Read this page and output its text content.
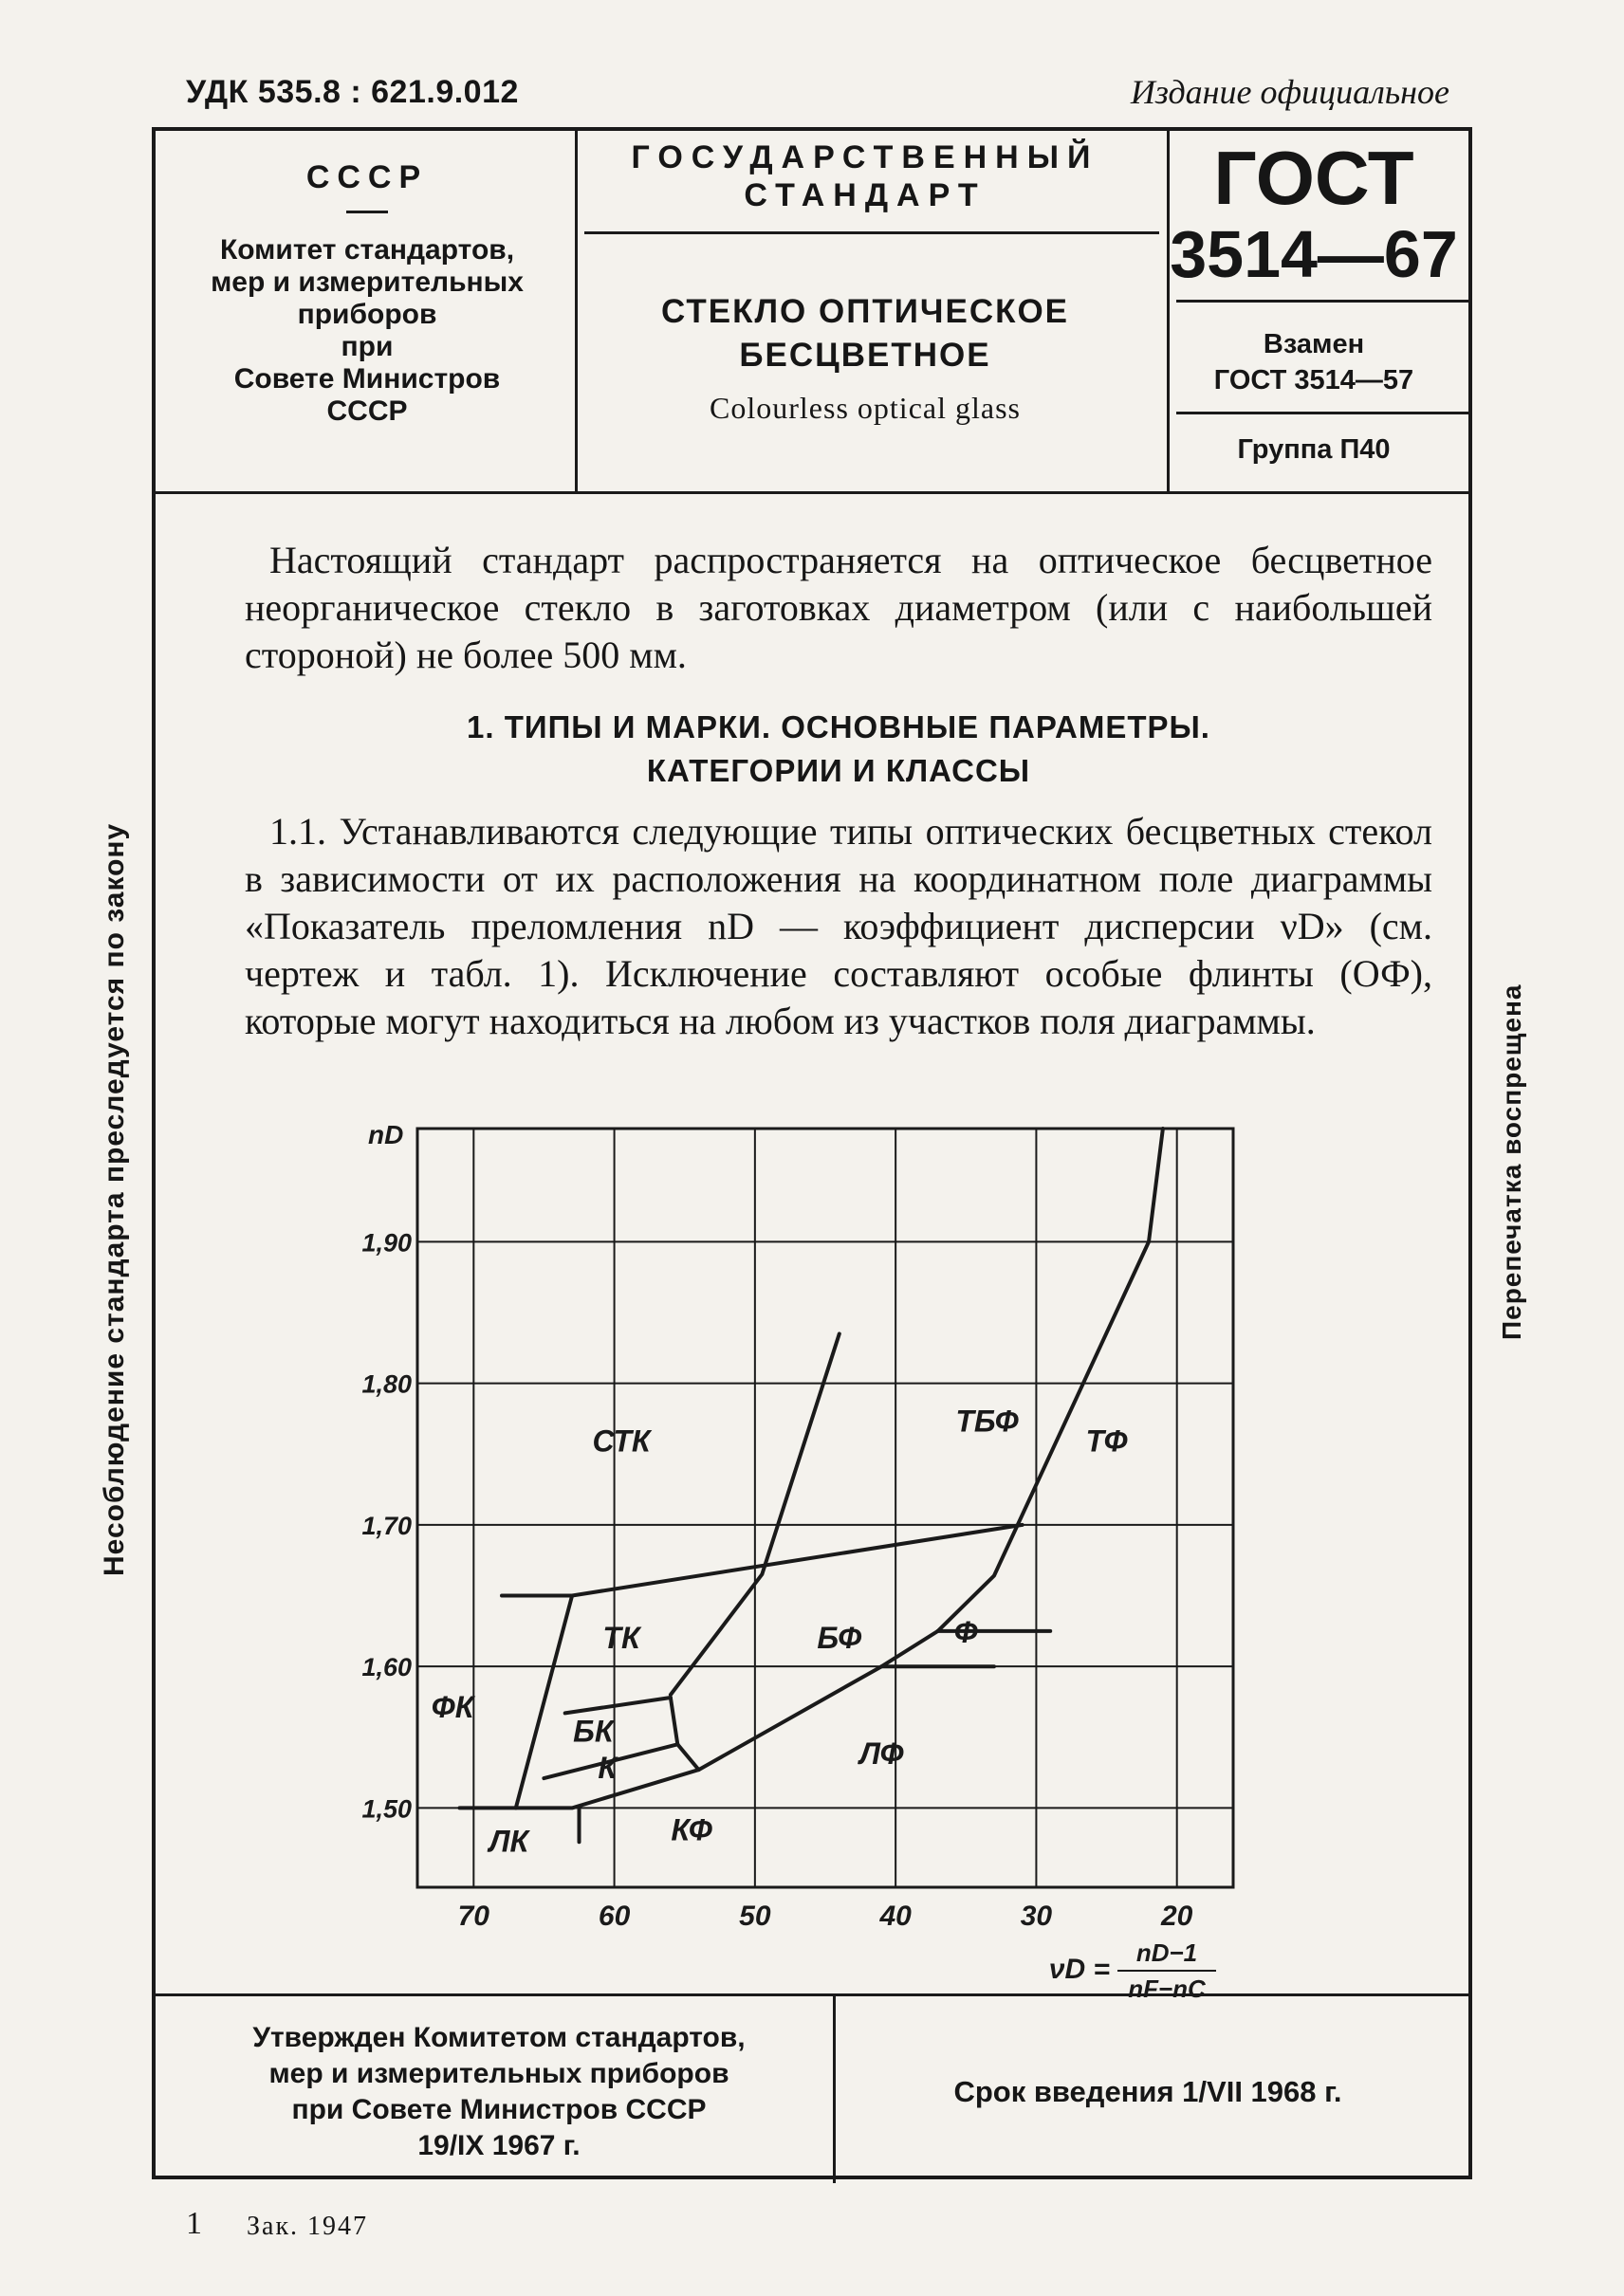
УДК 535.8 : 621.9.012	Издание официальное
СССР
Комитет стандартов,
мер и измерительных
приборов
при
Совете Министров
СССР
ГОСУДАРСТВЕННЫЙ
СТАНДАРТ
СТЕКЛО ОПТИЧЕСКОЕ
БЕСЦВЕТНОЕ
Colourless optical glass
ГОСТ
3514—67
Взамен
ГОСТ 3514—57
Группа П40
Настоящий стандарт распространяется на оптическое бесцветное неорганическое стекло в заготовках диаметром (или с наибольшей стороной) не более 500 мм.
1. ТИПЫ И МАРКИ. ОСНОВНЫЕ ПАРАМЕТРЫ.
КАТЕГОРИИ И КЛАССЫ
1.1. Устанавливаются следующие типы оптических бесцветных стекол в зависимости от их расположения на координатном поле диаграммы «Показатель преломления nD — коэффициент дисперсии νD» (см. чертеж и табл. 1). Исключение составляют особые флинты (ОФ), которые могут находиться на любом из участков поля диаграммы.
Несоблюдение стандарта преследуется по закону	Перепечатка воспрещена
70	60	50	40	30	20
1,50
1,60
1,70
1,80
1,90
nD
νD =
nD−1
nF−nC
СТК
ТБФ
ТФ
ТК	БФ	Ф
ФК
БК
К	ЛФ
ЛК	КФ
Утвержден Комитетом стандартов,
мер и измерительных приборов
при Совете Министров СССР
19/IX 1967 г.
Срок введения 1/VII 1968 г.
1 Зак. 1947
